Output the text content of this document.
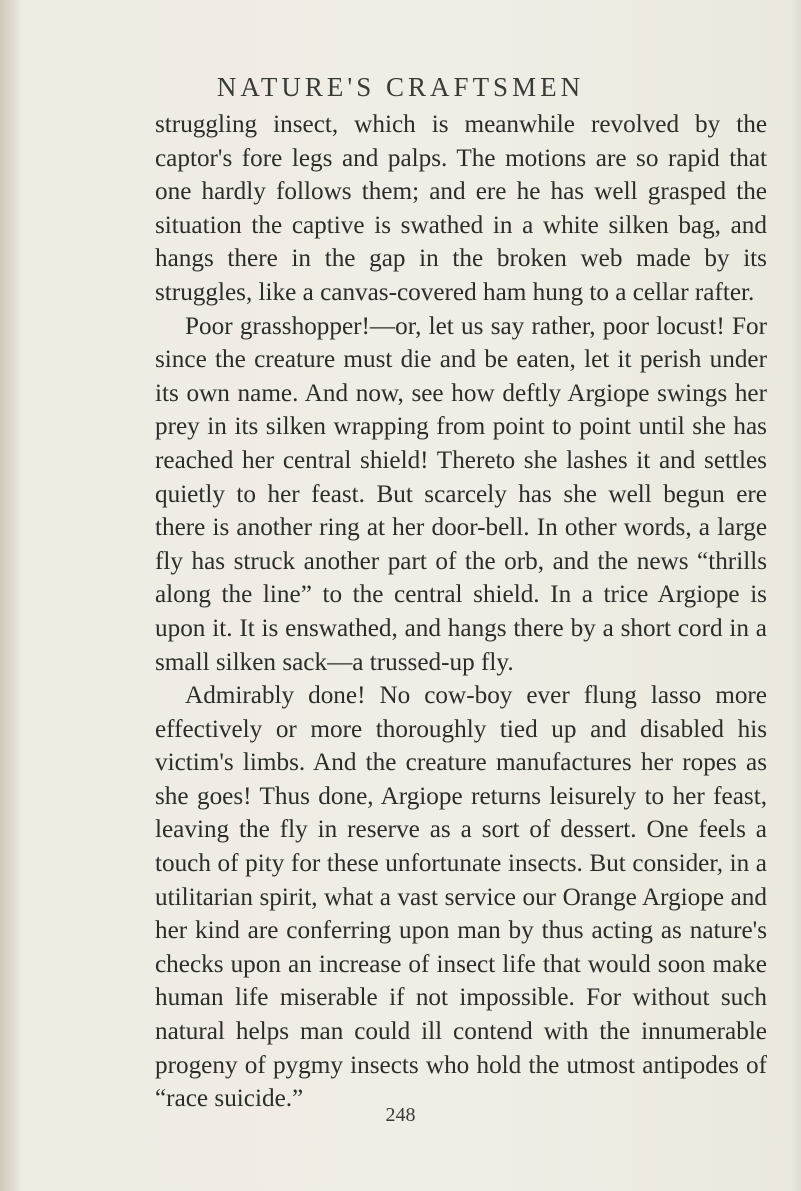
NATURE'S CRAFTSMEN

struggling insect, which is meanwhile revolved by the captor's fore legs and palps. The motions are so rapid that one hardly follows them; and ere he has well grasped the situation the captive is swathed in a white silken bag, and hangs there in the gap in the broken web made by its struggles, like a canvas-covered ham hung to a cellar rafter.

Poor grasshopper!—or, let us say rather, poor locust! For since the creature must die and be eaten, let it perish under its own name. And now, see how deftly Argiope swings her prey in its silken wrapping from point to point until she has reached her central shield! Thereto she lashes it and settles quietly to her feast. But scarcely has she well begun ere there is another ring at her door-bell. In other words, a large fly has struck another part of the orb, and the news “thrills along the line” to the central shield. In a trice Argiope is upon it. It is enswathed, and hangs there by a short cord in a small silken sack—a trussed-up fly.

Admirably done! No cow-boy ever flung lasso more effectively or more thoroughly tied up and disabled his victim's limbs. And the creature manufactures her ropes as she goes! Thus done, Argiope returns leisurely to her feast, leaving the fly in reserve as a sort of dessert. One feels a touch of pity for these unfortunate insects. But consider, in a utilitarian spirit, what a vast service our Orange Argiope and her kind are conferring upon man by thus acting as nature's checks upon an increase of insect life that would soon make human life miserable if not impossible. For without such natural helps man could ill contend with the innumerable progeny of pygmy insects who hold the utmost antipodes of “race suicide.”

248
